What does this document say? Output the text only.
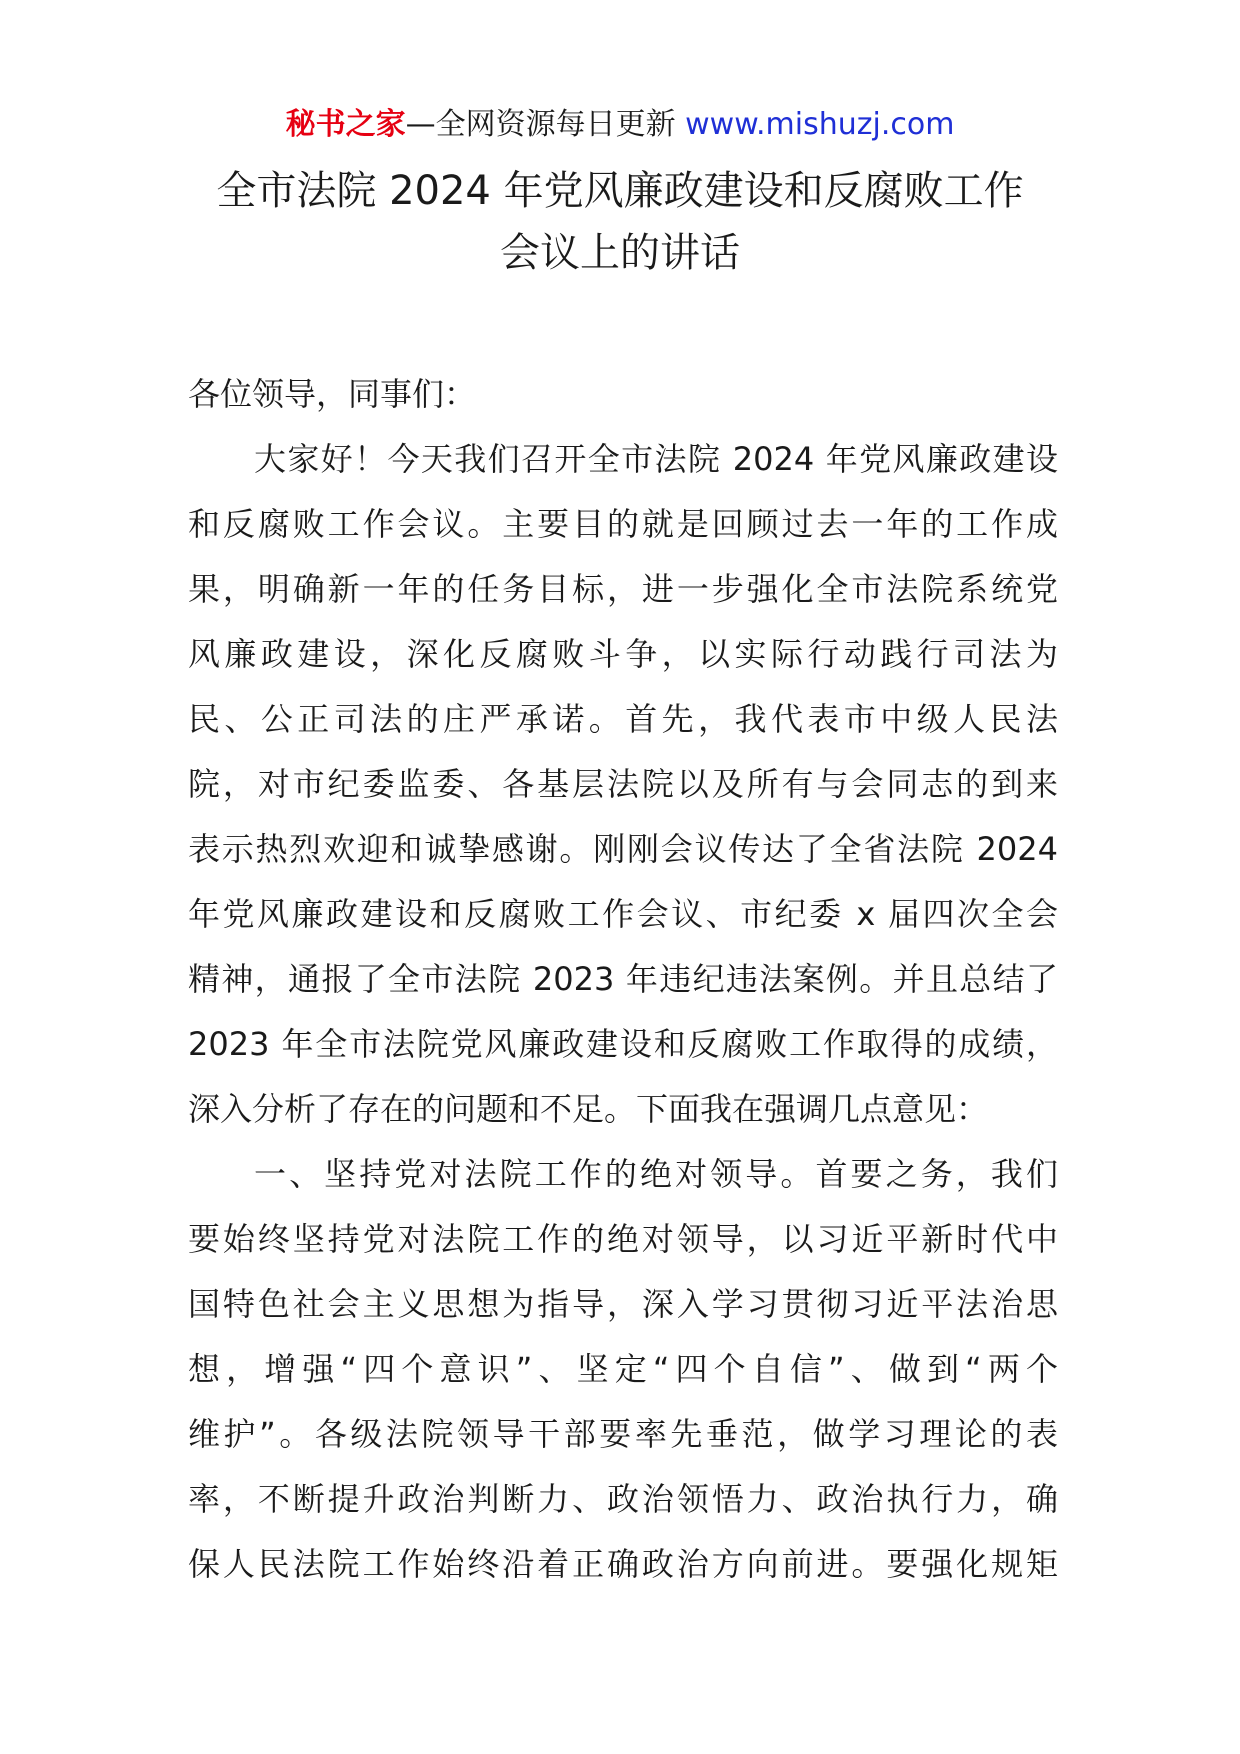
秘书之家—全网资源每日更新 www.mishuzj.com
全市法院 2024 年党风廉政建设和反腐败工作
会议上的讲话

各位领导，同事们：

大家好！今天我们召开全市法院 2024 年党风廉政建设
和反腐败工作会议。主要目的就是回顾过去一年的工作成
果，明确新一年的任务目标，进一步强化全市法院系统党
风廉政建设，深化反腐败斗争，以实际行动践行司法为
民、公正司法的庄严承诺。首先，我代表市中级人民法
院，对市纪委监委、各基层法院以及所有与会同志的到来
表示热烈欢迎和诚挚感谢。刚刚会议传达了全省法院 2024
年党风廉政建设和反腐败工作会议、市纪委 x 届四次全会
精神，通报了全市法院 2023 年违纪违法案例。并且总结了
2023 年全市法院党风廉政建设和反腐败工作取得的成绩，
深入分析了存在的问题和不足。下面我在强调几点意见：

一、坚持党对法院工作的绝对领导。首要之务，我们
要始终坚持党对法院工作的绝对领导，以习近平新时代中
国特色社会主义思想为指导，深入学习贯彻习近平法治思
想，增强“四个意识”、坚定“四个自信”、做到“两个
维护”。各级法院领导干部要率先垂范，做学习理论的表
率，不断提升政治判断力、政治领悟力、政治执行力，确
保人民法院工作始终沿着正确政治方向前进。要强化规矩
